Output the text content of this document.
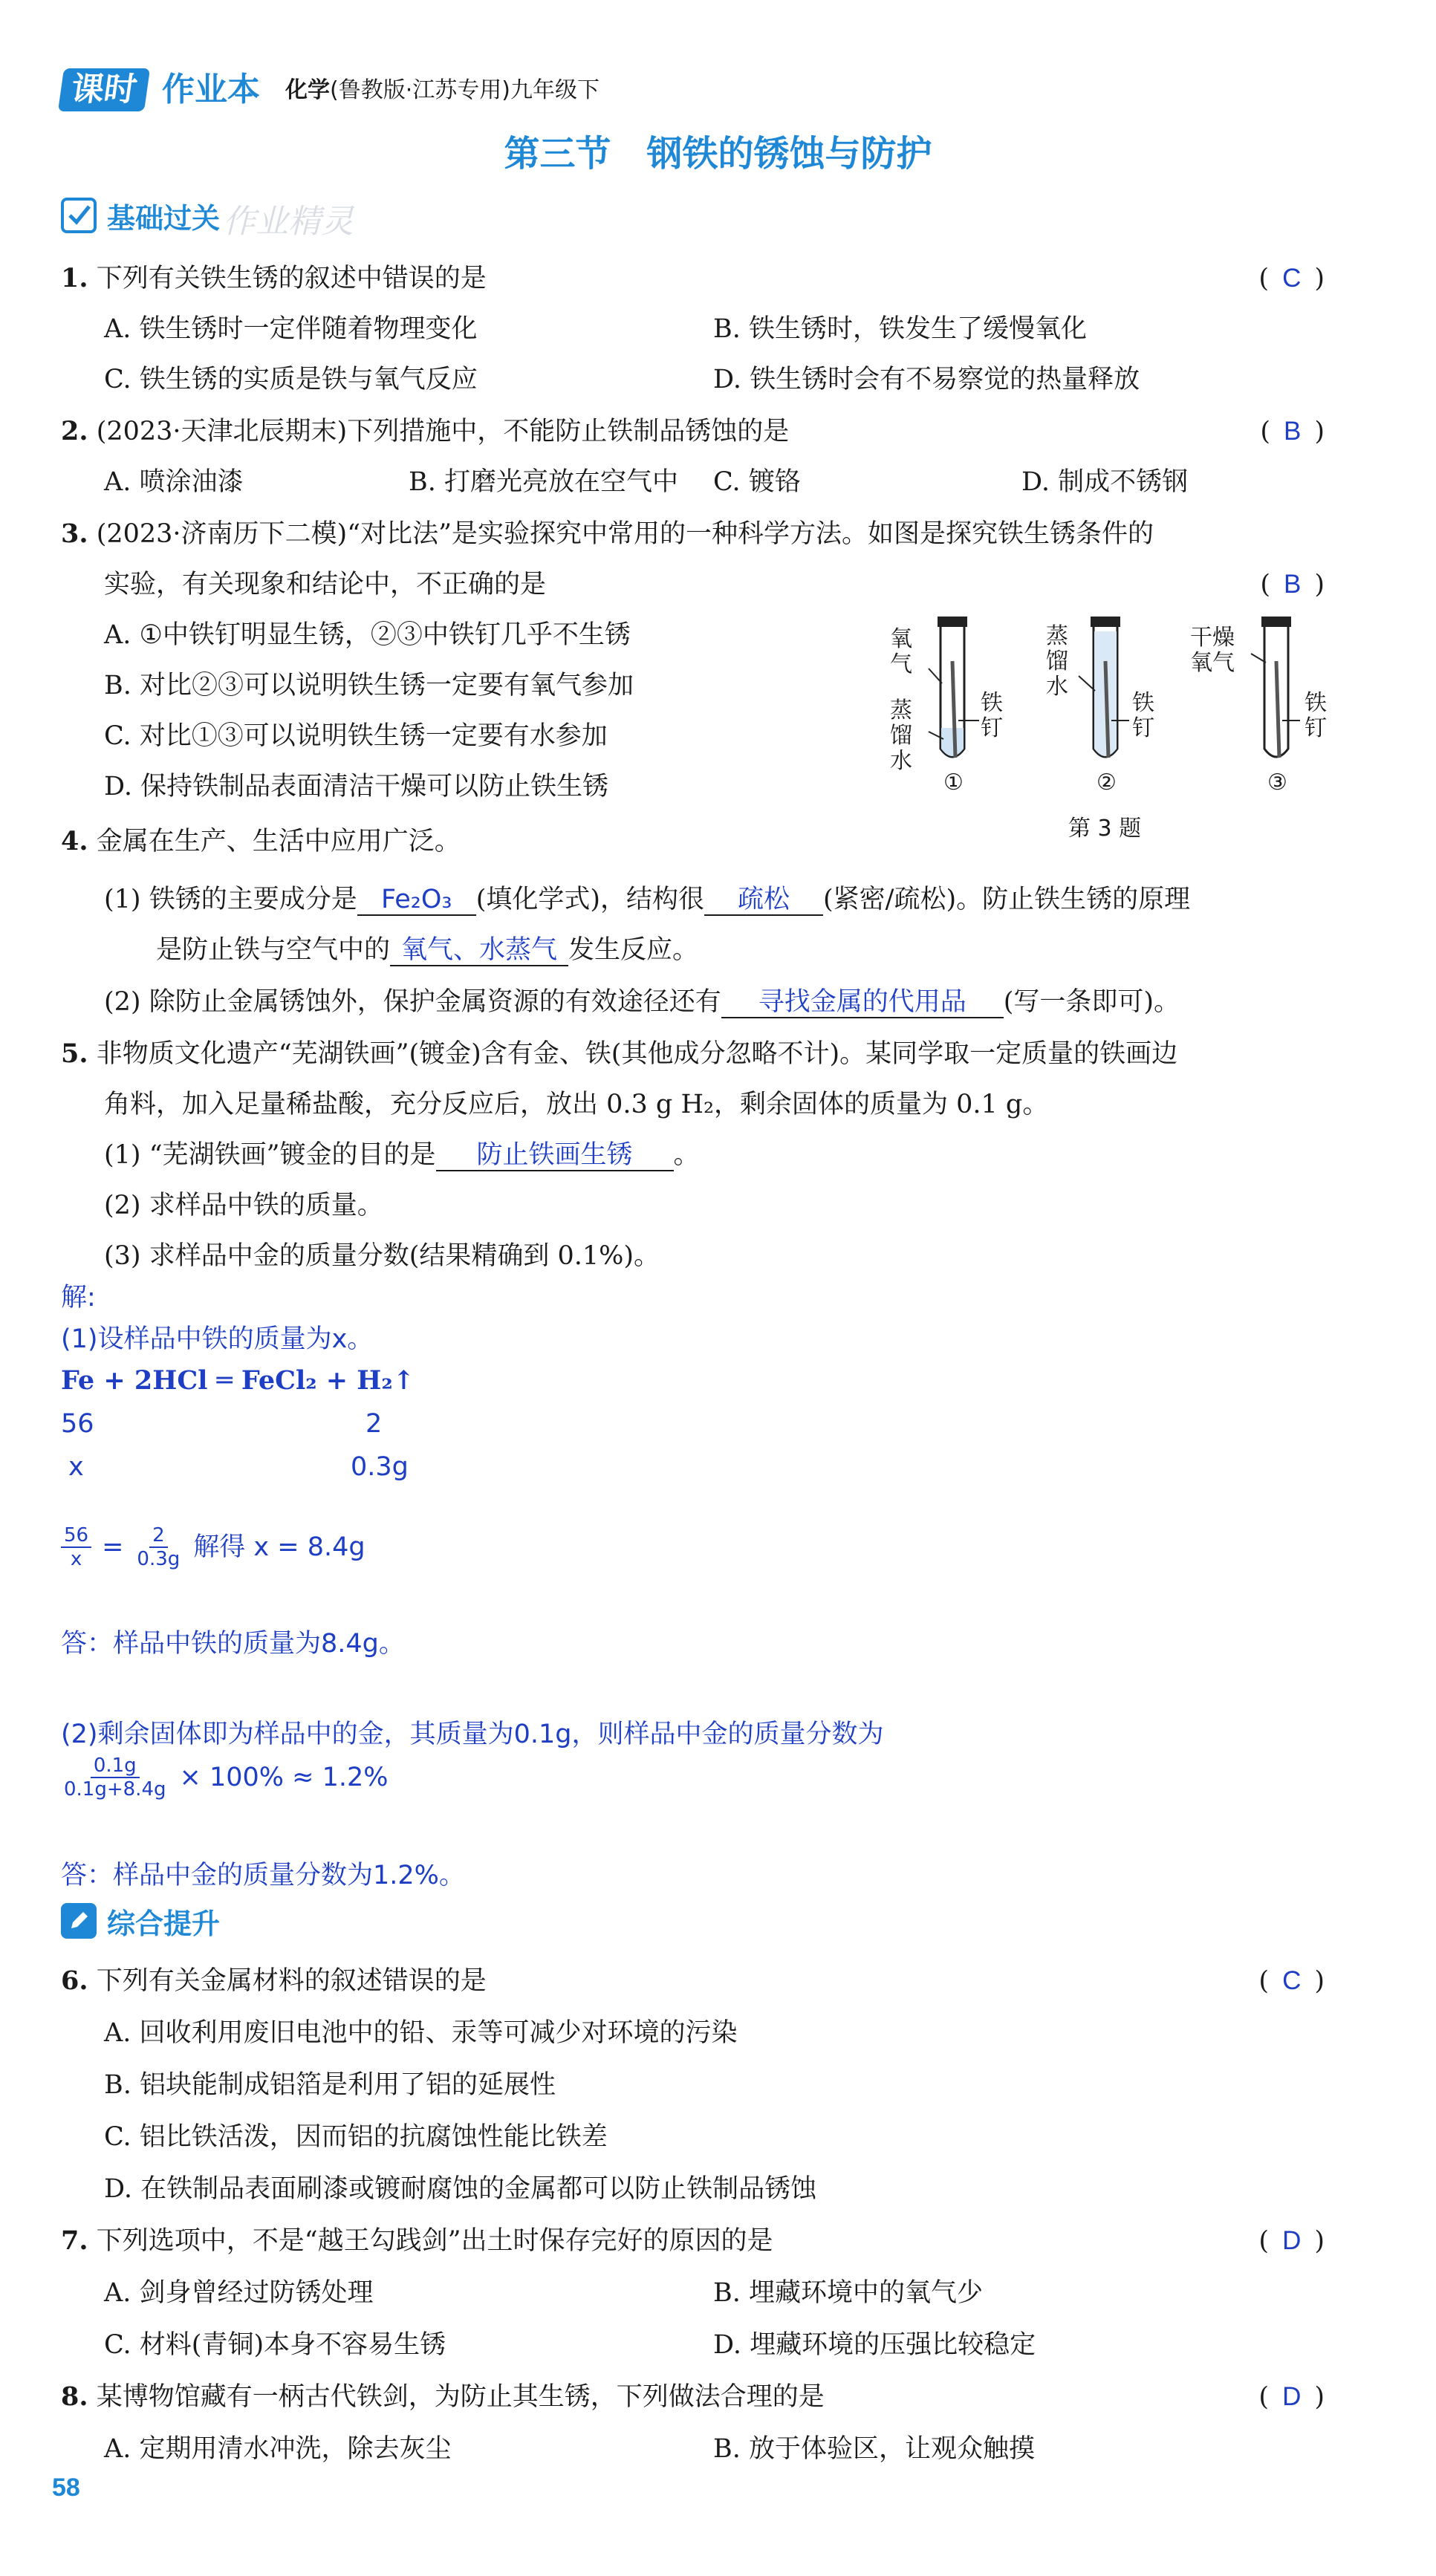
课时 作业本 化学(鲁教版·江苏专用)九年级下
第三节　钢铁的锈蚀与防护
基础过关 作业精灵
1. 下列有关铁生锈的叙述中错误的是	( C )
A. 铁生锈时一定伴随着物理变化	B. 铁生锈时，铁发生了缓慢氧化
C. 铁生锈的实质是铁与氧气反应	D. 铁生锈时会有不易察觉的热量释放
2. (2023·天津北辰期末)下列措施中，不能防止铁制品锈蚀的是	( B )
A. 喷涂油漆	B. 打磨光亮放在空气中 C. 镀铬	D. 制成不锈钢
3. (2023·济南历下二模)“对比法”是实验探究中常用的一种科学方法。如图是探究铁生锈条件的
实验，有关现象和结论中，不正确的是	( B )
A. ①中铁钉明显生锈，②③中铁钉几乎不生锈
B. 对比②③可以说明铁生锈一定要有氧气参加
C. 对比①③可以说明铁生锈一定要有水参加
D. 保持铁制品表面清洁干燥可以防止铁生锈
氧气
蒸馏水
铁钉
蒸馏水
铁钉
干燥氧气
铁钉
①	②	③
第 3 题
4. 金属在生产、生活中应用广泛。
(1) 铁锈的主要成分是 Fe₂O₃ (填化学式)，结构很 疏松 (紧密/疏松)。防止铁生锈的原理
是防止铁与空气中的 氧气、水蒸气 发生反应。
(2) 除防止金属锈蚀外，保护金属资源的有效途径还有 寻找金属的代用品 (写一条即可)。
5. 非物质文化遗产“芜湖铁画”(镀金)含有金、铁(其他成分忽略不计)。某同学取一定质量的铁画边
角料，加入足量稀盐酸，充分反应后，放出 0.3 g H₂，剩余固体的质量为 0.1 g。
(1) “芜湖铁画”镀金的目的是 防止铁画生锈 。
(2) 求样品中铁的质量。
(3) 求样品中金的质量分数(结果精确到 0.1%)。
解:
(1)设样品中铁的质量为x。
Fe + 2HCl ═ FeCl₂ + H₂↑
56	2
x	0.3g
$\frac{56}{x} = \frac{2}{0.3g}$ 解得 x = 8.4g
答：样品中铁的质量为8.4g。
(2)剩余固体即为样品中的金，其质量为0.1g，则样品中金的质量分数为
$\frac{0.1g}{0.1g+8.4g} \times 100\% \approx 1.2\%$
答：样品中金的质量分数为1.2%。
综合提升
6. 下列有关金属材料的叙述错误的是	( C )
A. 回收利用废旧电池中的铅、汞等可减少对环境的污染
B. 铝块能制成铝箔是利用了铝的延展性
C. 铝比铁活泼，因而铝的抗腐蚀性能比铁差
D. 在铁制品表面刷漆或镀耐腐蚀的金属都可以防止铁制品锈蚀
7. 下列选项中，不是“越王勾践剑”出土时保存完好的原因的是	( D )
A. 剑身曾经过防锈处理	B. 埋藏环境中的氧气少
C. 材料(青铜)本身不容易生锈	D. 埋藏环境的压强比较稳定
8. 某博物馆藏有一柄古代铁剑，为防止其生锈，下列做法合理的是	( D )
A. 定期用清水冲洗，除去灰尘	B. 放于体验区，让观众触摸
58
